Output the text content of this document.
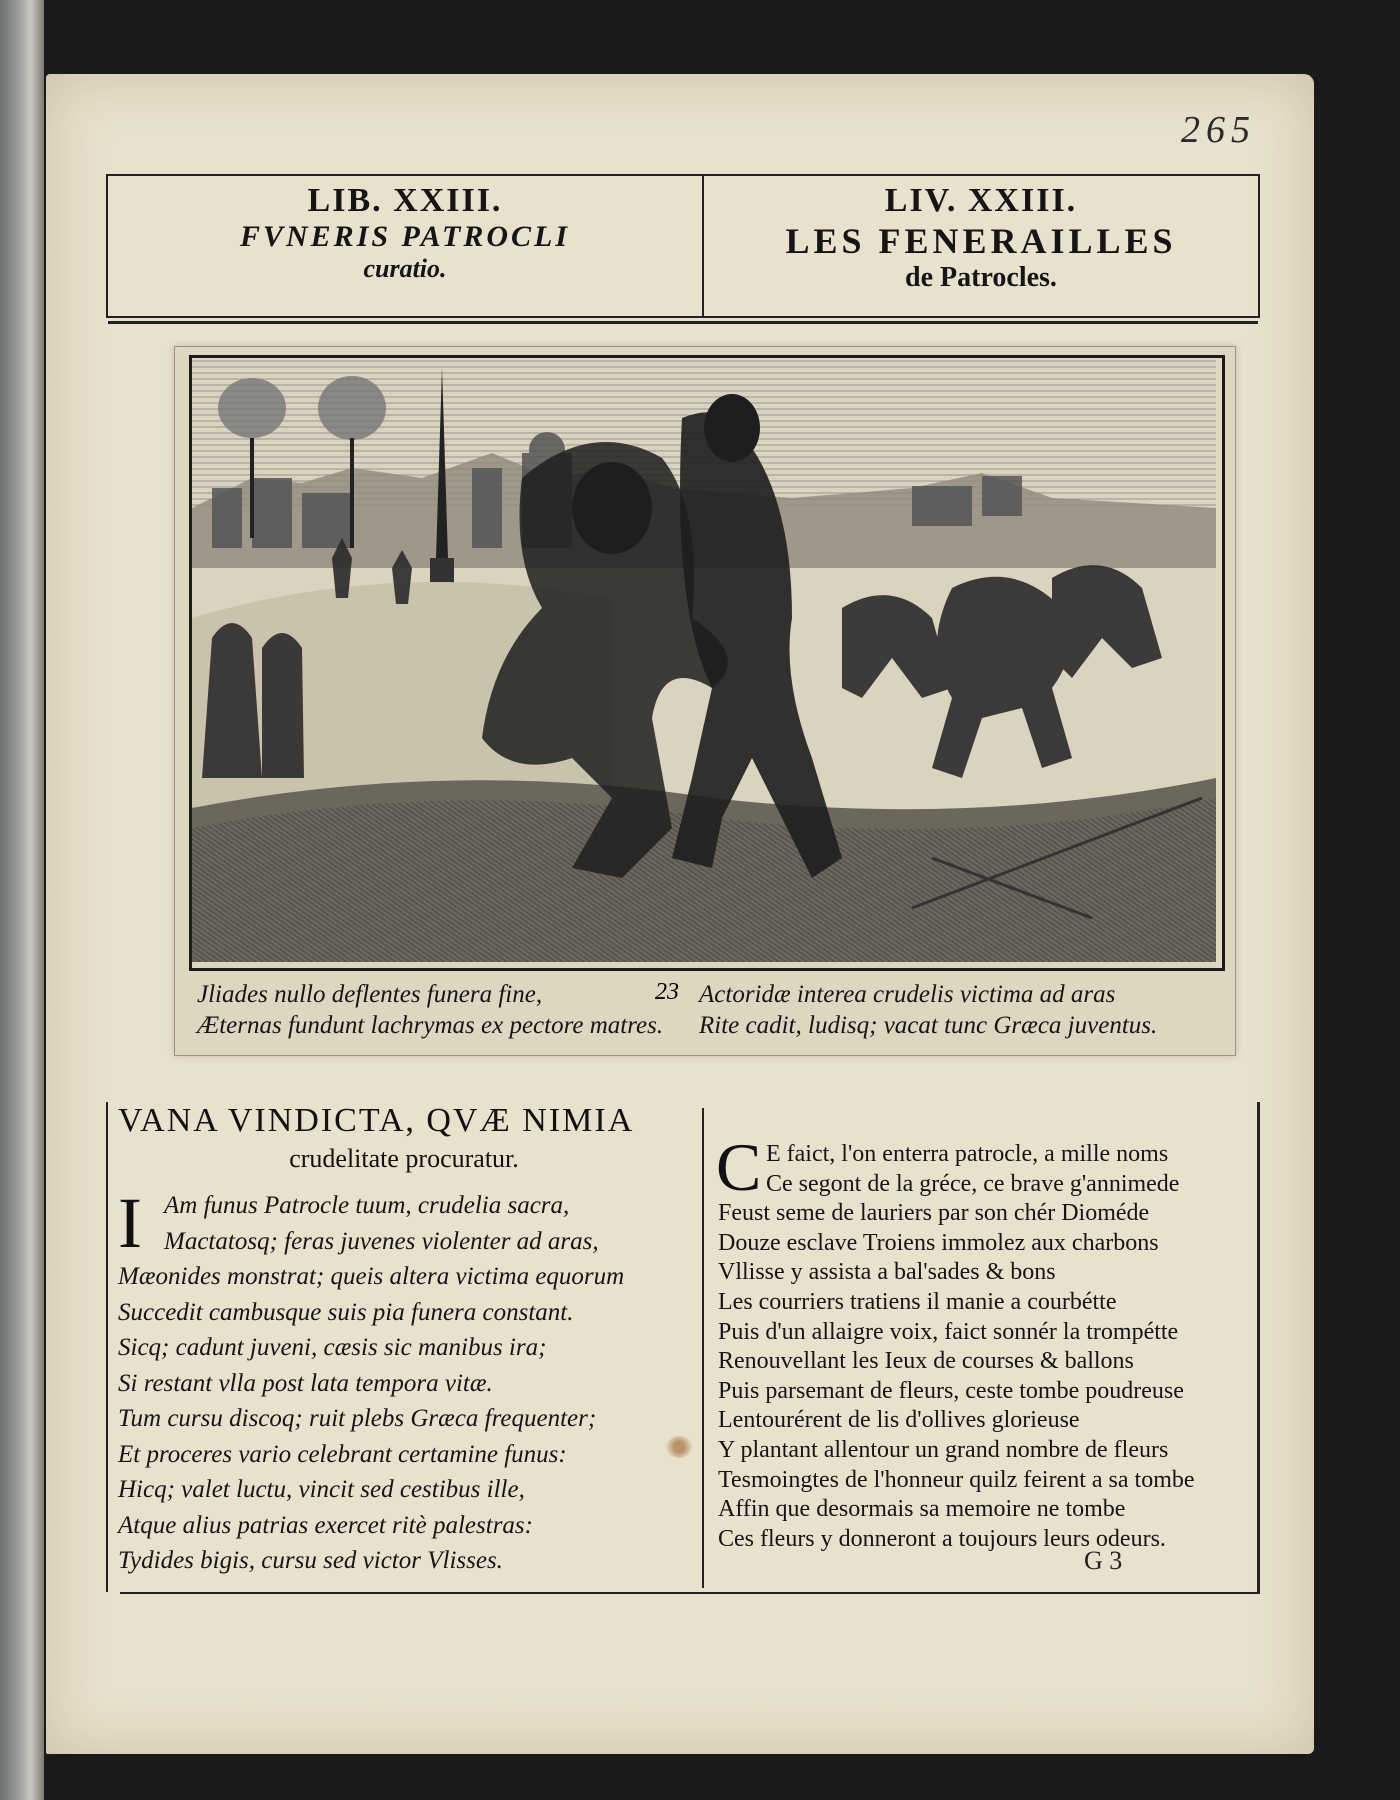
265
LIB. XXIII.
FVNERIS PATROCLI
curatio.
LIV. XXIII.
LES FENERAILLES
de Patrocles.
Jliades nullo deflentes funera fine,
Æternas fundunt lachrymas ex pectore matres.
23 Actoridæ interea crudelis victima ad aras
Rite cadit, ludisq; vacat tunc Græca juventus.
VANA VINDICTA, QVÆ NIMIA
crudelitate procuratur.
I Am funus Patrocle tuum, crudelia sacra,
Mactatosq; feras juvenes violenter ad aras,
Mæonides monstrat; queis altera victima equorum
Succedit cambusque suis pia funera constant.
Sicq; cadunt juveni, cæsis sic manibus ira;
Si restant vlla post lata tempora vitæ.
Tum cursu discoq; ruit plebs Græca frequenter;
Et proceres vario celebrant certamine funus:
Hicq; valet luctu, vincit sed cestibus ille,
Atque alius patrias exercet ritè palestras:
Tydides bigis, cursu sed victor Vlisses.
C E faict, l'on enterra patrocle, a mille noms
Ce segont de la gréce, ce brave g'annimede
Feust seme de lauriers par son chér Dioméde
Douze esclave Troiens immolez aux charbons
Vllisse y assista a bal'sades & bons
Les courriers tratiens il manie a courbétte
Puis d'un allaigre voix, faict sonnér la trompétte
Renouvellant les Ieux de courses & ballons
Puis parsemant de fleurs, ceste tombe poudreuse
Lentourérent de lis d'ollives glorieuse
Y plantant allentour un grand nombre de fleurs
Tesmoingtes de l'honneur quilz feirent a sa tombe
Affin que desormais sa memoire ne tombe
Ces fleurs y donneront a toujours leurs odeurs.
G 3
